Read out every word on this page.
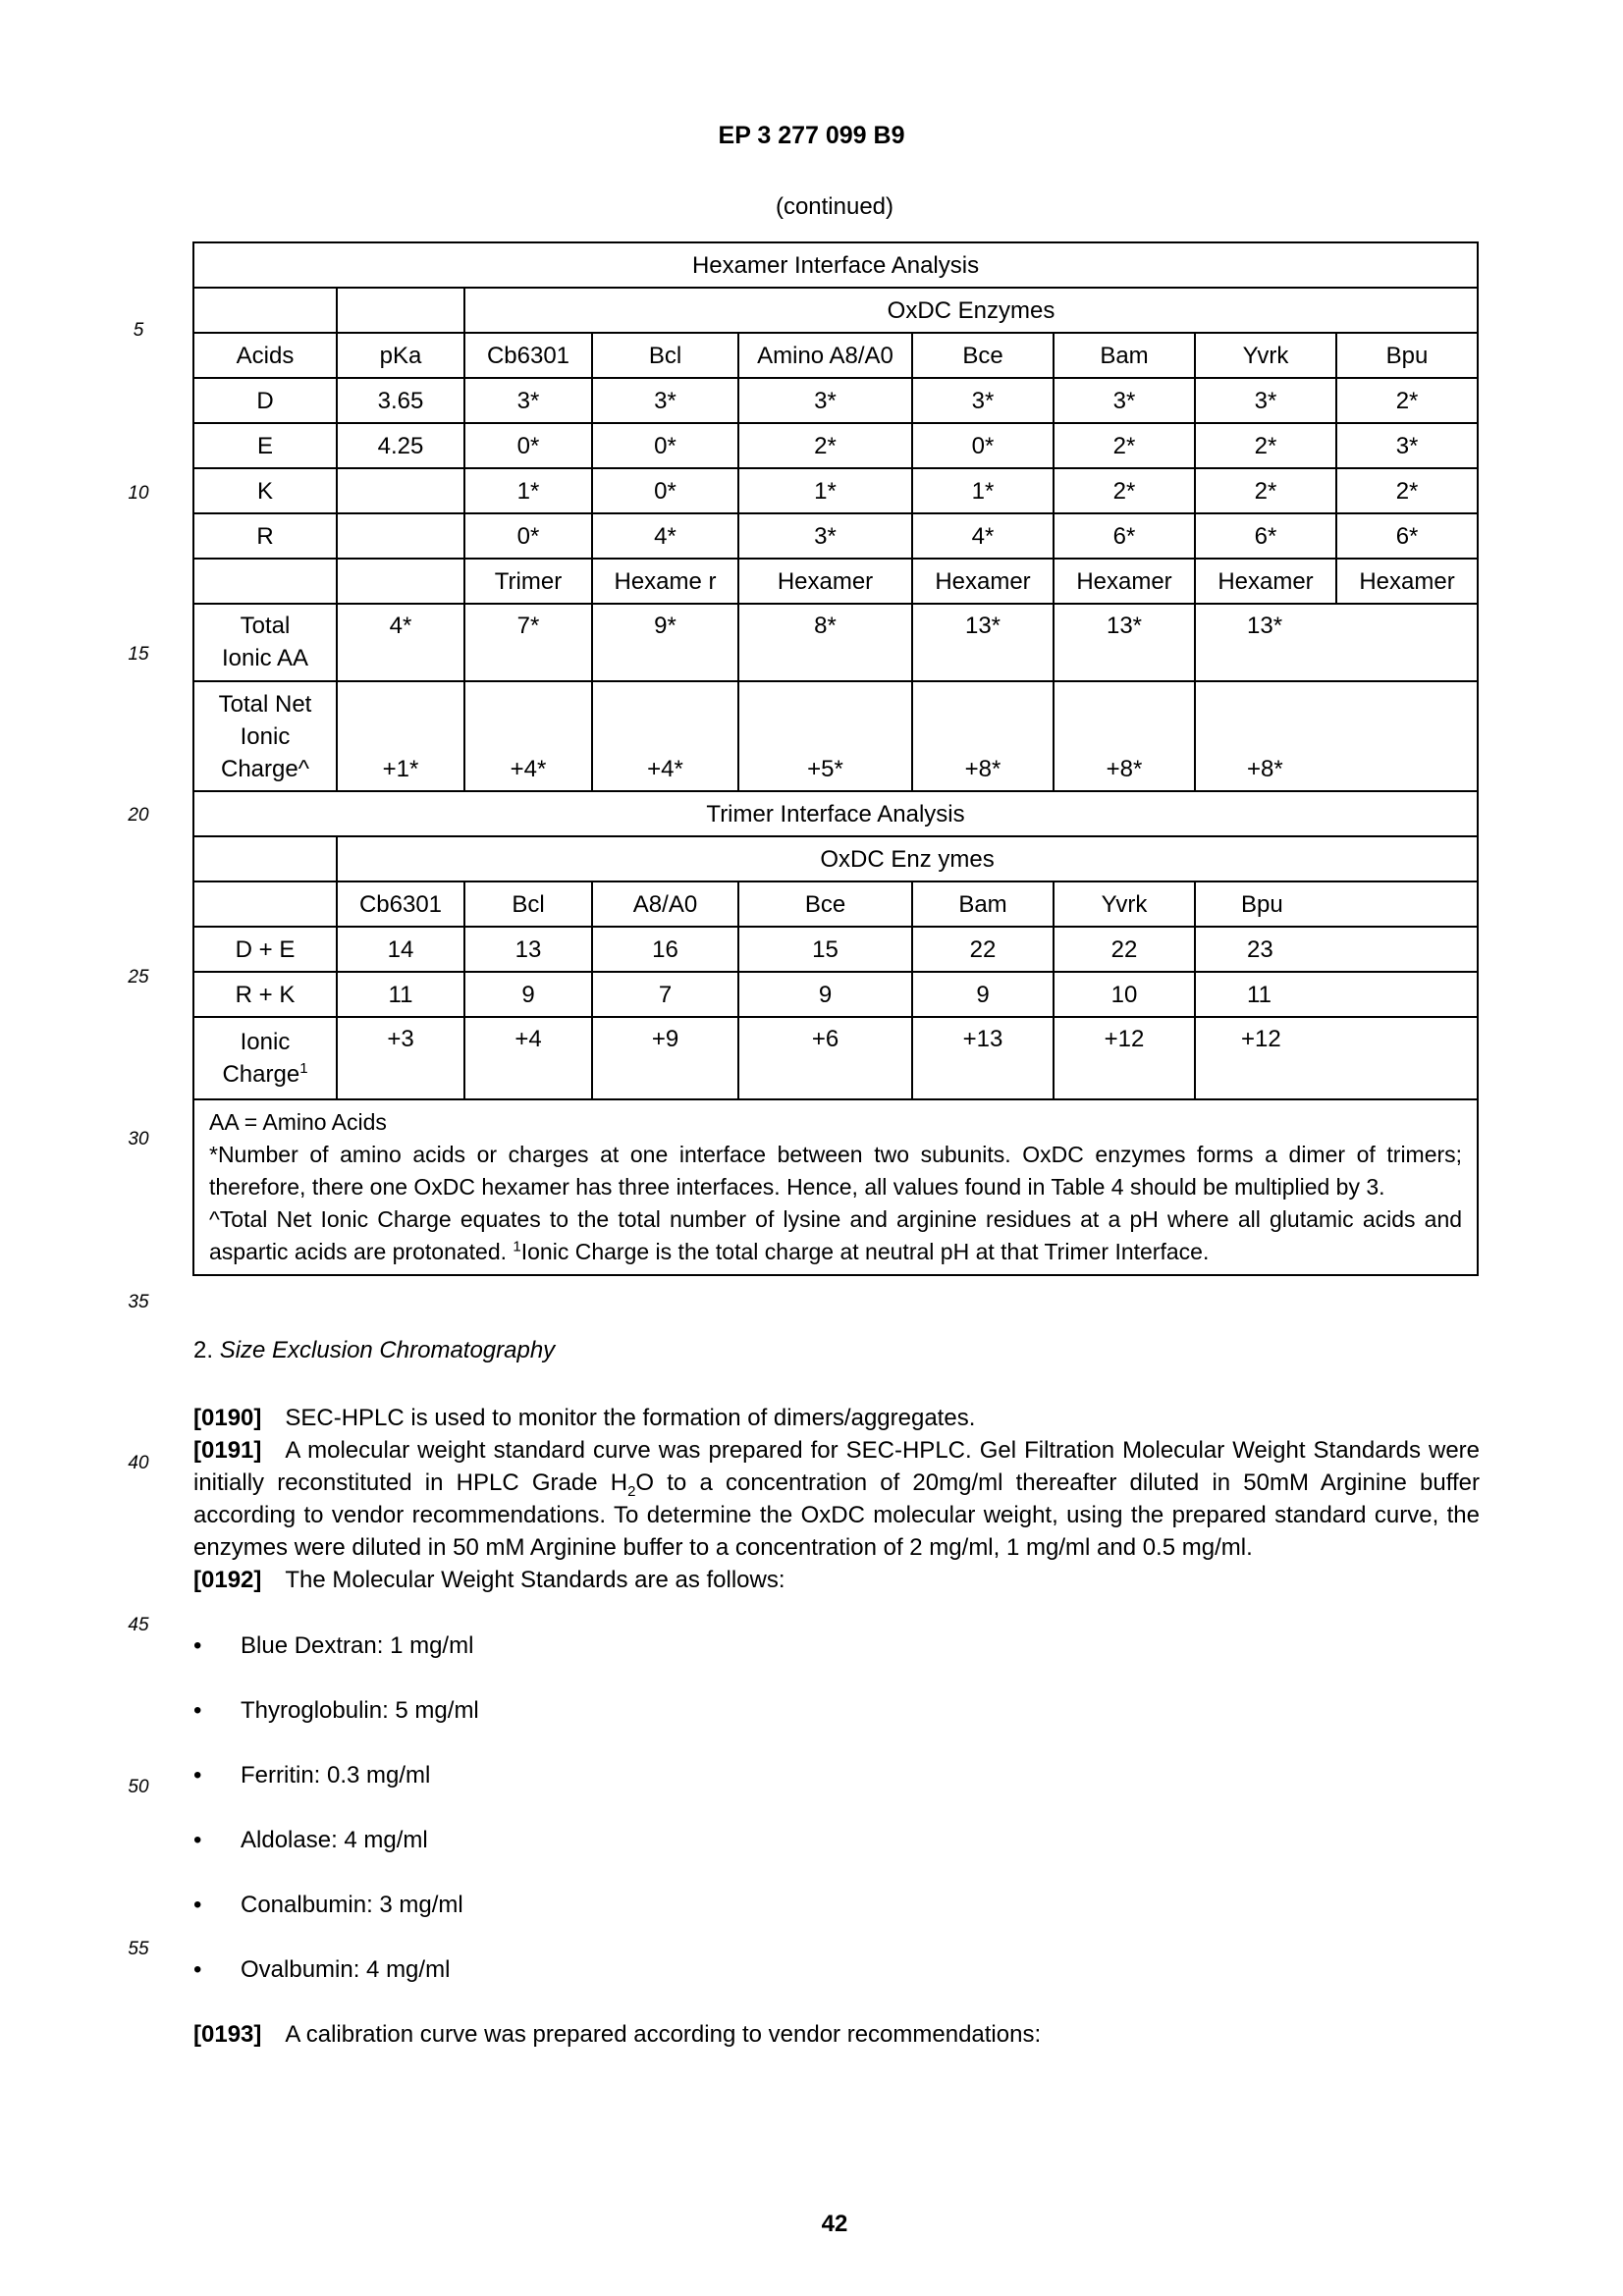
EP 3 277 099 B9
(continued)
5
10
15
20
25
30
35
40
45
50
55
Hexamer Interface Analysis								
		OxDC Enzymes						
Acids	pKa	Cb6301	Bcl	Amino A8/A0	Bce	Bam	Yvrk	Bpu
D	3.65	3*	3*	3*	3*	3*	3*	2*
E	4.25	0*	0*	2*	0*	2*	2*	3*
K		1*	0*	1*	1*	2*	2*	2*
R		0*	4*	3*	4*	6*	6*	6*
		Trimer	Hexame r	Hexamer	Hexamer	Hexamer	Hexamer	Hexamer
Total
Ionic AA	4*	7*	9*	8*	13*	13*	13*	
Total Net
Ionic
Charge^	+1*	+4*	+4*	+5*	+8*	+8*	+8*	
Trimer Interface Analysis								
	OxDC Enz ymes							
	Cb6301	Bcl	A8/A0	Bce	Bam	Yvrk	Bpu	
D + E	14	13	16	15	22	22	23	
R + K	11	9	7	9	9	10	11	
Ionic
Charge$^1$	+3	+4	+9	+6	+13	+12	+12	

AA = Amino Acids

*Number of amino acids or charges at one interface between two subunits. OxDC enzymes forms a dimer of trimers; therefore, there one OxDC hexamer has three interfaces. Hence, all values found in Table 4 should be multiplied by 3.

^Total Net Ionic Charge equates to the total number of lysine and arginine residues at a pH where all glutamic acids and aspartic acids are protonated. $^1$Ionic Charge is the total charge at neutral pH at that Trimer Interface.								

2. Size Exclusion Chromatography
[0190] SEC-HPLC is used to monitor the formation of dimers/aggregates.
[0191] A molecular weight standard curve was prepared for SEC-HPLC. Gel Filtration Molecular Weight Standards were initially reconstituted in HPLC Grade $H_2O$ to a concentration of 20mg/ml thereafter diluted in 50mM Arginine buffer according to vendor recommendations. To determine the OxDC molecular weight, using the prepared standard curve, the enzymes were diluted in 50 mM Arginine buffer to a concentration of 2 mg/ml, 1 mg/ml and 0.5 mg/ml.
[0192] The Molecular Weight Standards are as follows:
•	Blue Dextran: 1 mg/ml
•	Thyroglobulin: 5 mg/ml
•	Ferritin: 0.3 mg/ml
•	Aldolase: 4 mg/ml
•	Conalbumin: 3 mg/ml
•	Ovalbumin: 4 mg/ml
[0193] A calibration curve was prepared according to vendor recommendations:
42
